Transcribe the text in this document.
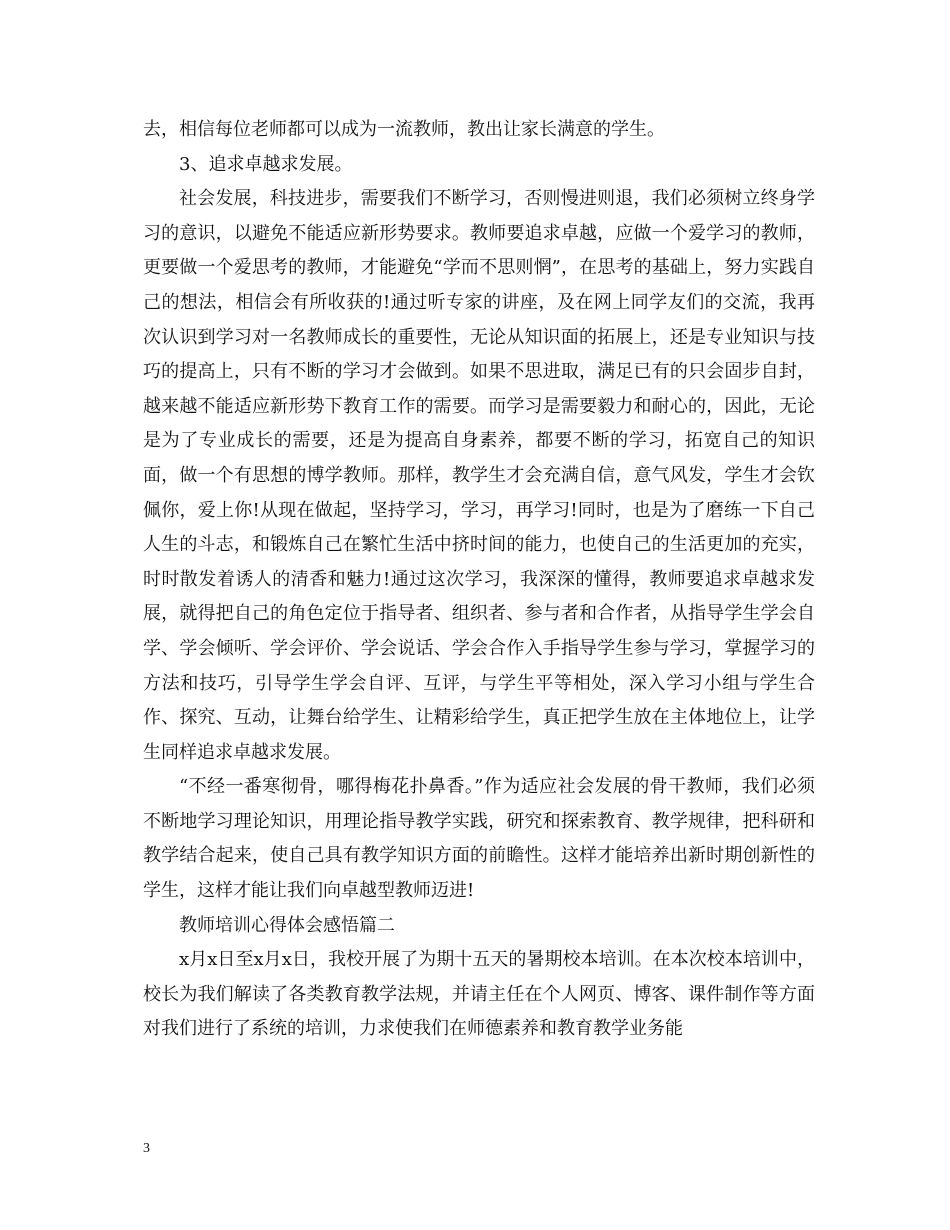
去，相信每位老师都可以成为一流教师，教出让家长满意的学生。

3、追求卓越求发展。

社会发展，科技进步，需要我们不断学习，否则慢进则退，我们必须树立终身学习的意识，以避免不能适应新形势要求。教师要追求卓越，应做一个爱学习的教师，更要做一个爱思考的教师，才能避免“学而不思则惘”，在思考的基础上，努力实践自己的想法，相信会有所收获的!通过听专家的讲座，及在网上同学友们的交流，我再次认识到学习对一名教师成长的重要性，无论从知识面的拓展上，还是专业知识与技巧的提高上，只有不断的学习才会做到。如果不思进取，满足已有的只会固步自封，越来越不能适应新形势下教育工作的需要。而学习是需要毅力和耐心的，因此，无论是为了专业成长的需要，还是为提高自身素养，都要不断的学习，拓宽自己的知识面，做一个有思想的博学教师。那样，教学生才会充满自信，意气风发，学生才会钦佩你，爱上你!从现在做起，坚持学习，学习，再学习!同时，也是为了磨练一下自己人生的斗志，和锻炼自己在繁忙生活中挤时间的能力，也使自己的生活更加的充实，时时散发着诱人的清香和魅力!通过这次学习，我深深的懂得，教师要追求卓越求发展，就得把自己的角色定位于指导者、组织者、参与者和合作者，从指导学生学会自学、学会倾听、学会评价、学会说话、学会合作入手指导学生参与学习，掌握学习的方法和技巧，引导学生学会自评、互评，与学生平等相处，深入学习小组与学生合作、探究、互动，让舞台给学生、让精彩给学生，真正把学生放在主体地位上，让学生同样追求卓越求发展。

“不经一番寒彻骨，哪得梅花扑鼻香。”作为适应社会发展的骨干教师，我们必须不断地学习理论知识，用理论指导教学实践，研究和探索教育、教学规律，把科研和教学结合起来，使自己具有教学知识方面的前瞻性。这样才能培养出新时期创新性的学生，这样才能让我们向卓越型教师迈进!

教师培训心得体会感悟篇二

x月x日至x月x日，我校开展了为期十五天的暑期校本培训。在本次校本培训中，校长为我们解读了各类教育教学法规，并请主任在个人网页、博客、课件制作等方面对我们进行了系统的培训，力求使我们在师德素养和教育教学业务能

3
